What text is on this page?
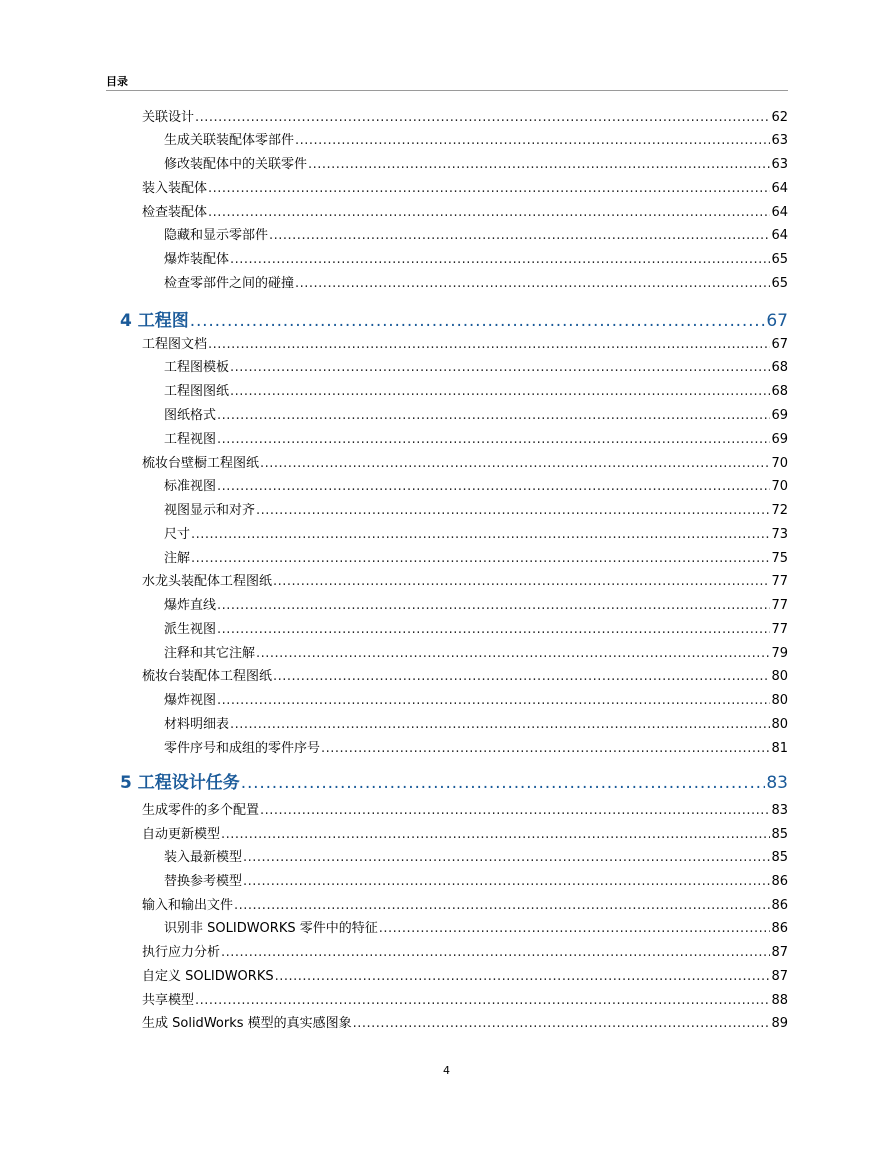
目录
关联设计 .....	62
生成关联装配体零部件 .....	63
修改装配体中的关联零件 .....	63
装入装配体 .....	64
检查装配体 .....	64
隐藏和显示零部件 .....	64
爆炸装配体 .....	65
检查零部件之间的碰撞 .....	65
4 工程图 .....	67
工程图文档 .....	67
工程图模板 .....	68
工程图图纸 .....	68
图纸格式 .....	69
工程视图 .....	69
梳妆台壁橱工程图纸 .....	70
标准视图 .....	70
视图显示和对齐 .....	72
尺寸 .....	73
注解 .....	75
水龙头装配体工程图纸 .....	77
爆炸直线 .....	77
派生视图 .....	77
注释和其它注解 .....	79
梳妆台装配体工程图纸 .....	80
爆炸视图 .....	80
材料明细表 .....	80
零件序号和成组的零件序号 .....	81
5 工程设计任务 .....	83
生成零件的多个配置 .....	83
自动更新模型 .....	85
装入最新模型 .....	85
替换参考模型 .....	86
输入和输出文件 .....	86
识别非 SOLIDWORKS 零件中的特征 .....	86
执行应力分析 .....	87
自定义 SOLIDWORKS .....	87
共享模型 .....	88
生成 SolidWorks 模型的真实感图象 .....	89
4
